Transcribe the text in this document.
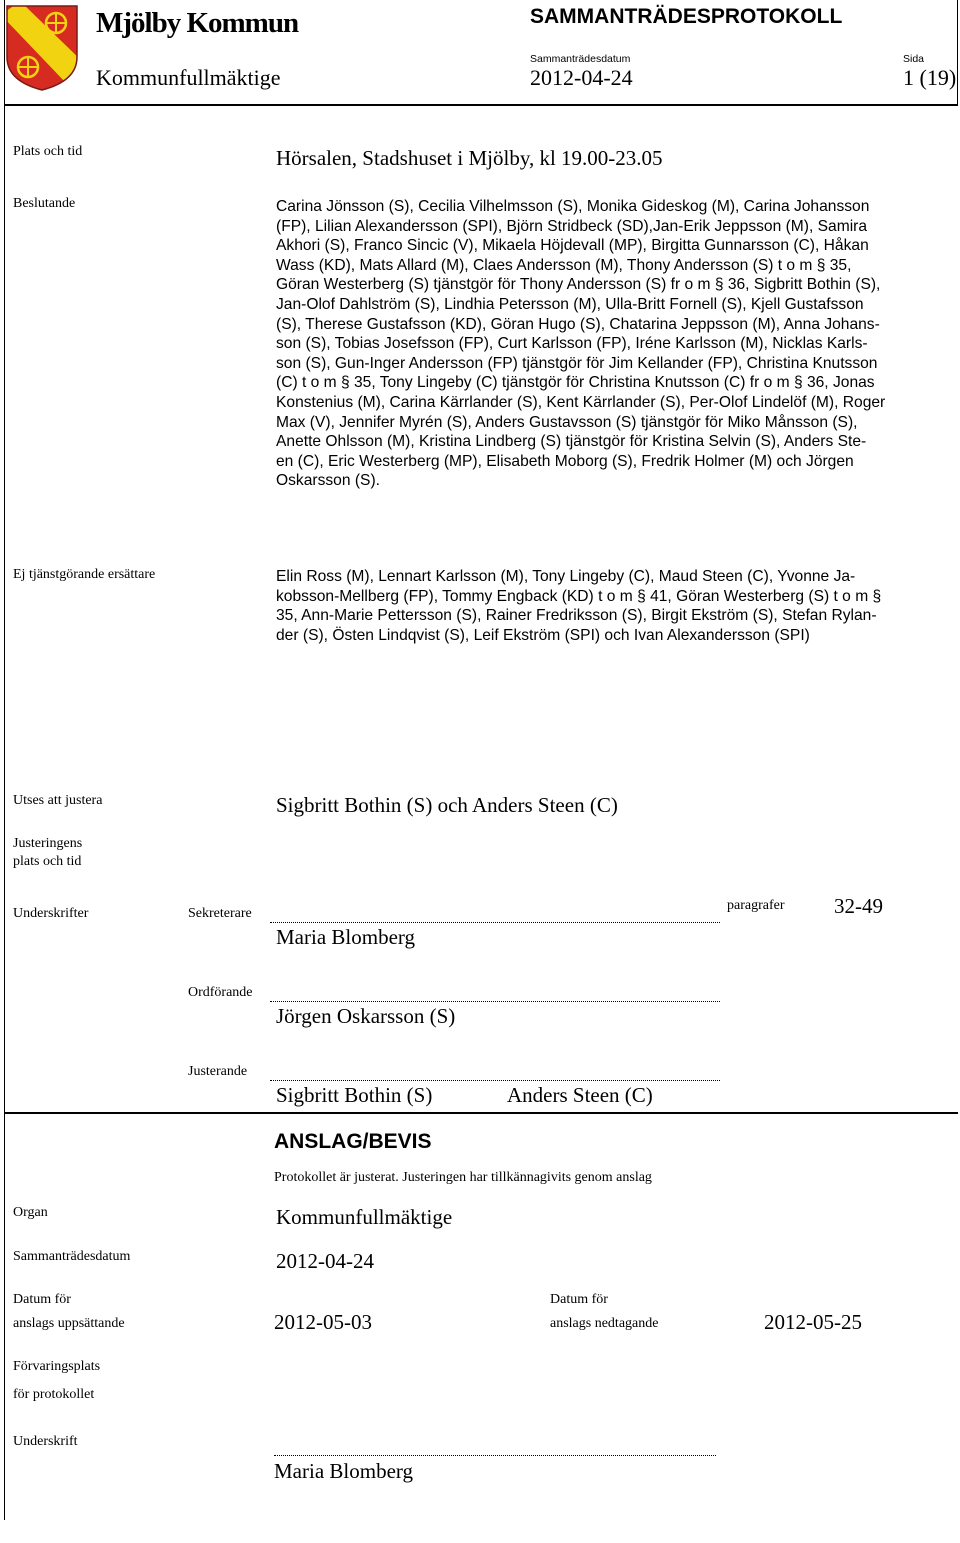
Mjölby Kommun	SAMMANTRÄDESPROTOKOLL
Kommunfullmäktige
Sammanträdesdatum
2012-04-24
Sida
1 (19)
Plats och tid	Hörsalen, Stadshuset i Mjölby, kl 19.00-23.05
Beslutande	Carina Jönsson (S), Cecilia Vilhelmsson (S), Monika Gideskog (M), Carina Johansson
(FP), Lilian Alexandersson (SPI), Björn Stridbeck (SD),Jan-Erik Jeppsson (M), Samira
Akhori (S), Franco Sincic (V), Mikaela Höjdevall (MP), Birgitta Gunnarsson (C), Håkan
Wass (KD), Mats Allard (M), Claes Andersson (M), Thony Andersson (S) t o m § 35,
Göran Westerberg (S) tjänstgör för Thony Andersson (S) fr o m § 36, Sigbritt Bothin (S),
Jan-Olof Dahlström (S), Lindhia Petersson (M), Ulla-Britt Fornell (S), Kjell Gustafsson
(S), Therese Gustafsson (KD), Göran Hugo (S), Chatarina Jeppsson (M), Anna Johans-
son (S), Tobias Josefsson (FP), Curt Karlsson (FP), Iréne Karlsson (M), Nicklas Karls-
son (S), Gun-Inger Andersson (FP) tjänstgör för Jim Kellander (FP), Christina Knutsson
(C) t o m § 35, Tony Lingeby (C) tjänstgör för Christina Knutsson (C) fr o m § 36, Jonas
Konstenius (M), Carina Kärrlander (S), Kent Kärrlander (S), Per-Olof Lindelöf (M), Roger
Max (V), Jennifer Myrén (S), Anders Gustavsson (S) tjänstgör för Miko Månsson (S),
Anette Ohlsson (M), Kristina Lindberg (S) tjänstgör för Kristina Selvin (S), Anders Ste-
en (C), Eric Westerberg (MP), Elisabeth Moborg (S), Fredrik Holmer (M) och Jörgen
Oskarsson (S).
Ej tjänstgörande ersättare	Elin Ross (M), Lennart Karlsson (M), Tony Lingeby (C), Maud Steen (C), Yvonne Ja-
kobsson-Mellberg (FP), Tommy Engback (KD) t o m § 41, Göran Westerberg (S) t o m §
35, Ann-Marie Pettersson (S), Rainer Fredriksson (S), Birgit Ekström (S), Stefan Rylan-
der (S), Östen Lindqvist (S), Leif Ekström (SPI) och Ivan Alexandersson (SPI)
Utses att justera	Sigbritt Bothin (S) och Anders Steen (C)
Justeringens
plats och tid
Underskrifter	Sekreterare
Maria Blomberg
paragrafer 32-49
Ordförande
Jörgen Oskarsson (S)
Justerande
Sigbritt Bothin (S)	Anders Steen (C)
ANSLAG/BEVIS
Protokollet är justerat. Justeringen har tillkännagivits genom anslag
Organ	Kommunfullmäktige
Sammanträdesdatum	2012-04-24
Datum för
anslags uppsättande	2012-05-03
Datum för
anslags nedtagande	2012-05-25
Förvaringsplats
för protokollet
Underskrift
Maria Blomberg
